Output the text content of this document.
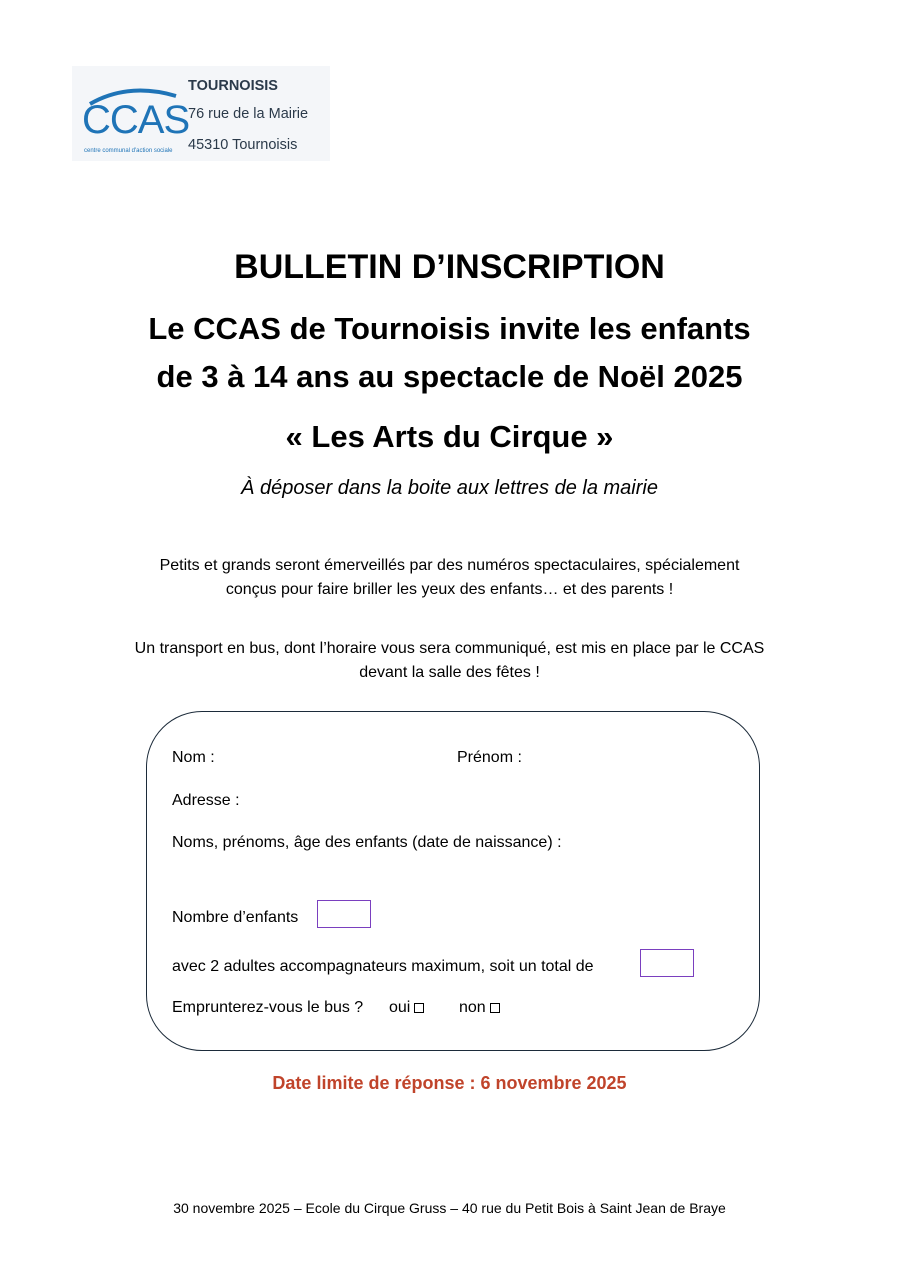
CCAS
centre communal d'action sociale
TOURNOISIS
76 rue de la Mairie
45310 Tournoisis
BULLETIN D’INSCRIPTION
Le CCAS de Tournoisis invite les enfants
de 3 à 14 ans au spectacle de Noël 2025
« Les Arts du Cirque »
À déposer dans la boite aux lettres de la mairie
Petits et grands seront émerveillés par des numéros spectaculaires, spécialement
conçus pour faire briller les yeux des enfants… et des parents !
Un transport en bus, dont l’horaire vous sera communiqué, est mis en place par le CCAS
devant la salle des fêtes !
Nom :	Prénom :
Adresse :
Noms, prénoms, âge des enfants (date de naissance) :
Nombre d’enfants
avec 2 adultes accompagnateurs maximum, soit un total de
Emprunterez-vous le bus ? oui	non
Date limite de réponse : 6 novembre 2025
30 novembre 2025 – Ecole du Cirque Gruss – 40 rue du Petit Bois à Saint Jean de Braye
